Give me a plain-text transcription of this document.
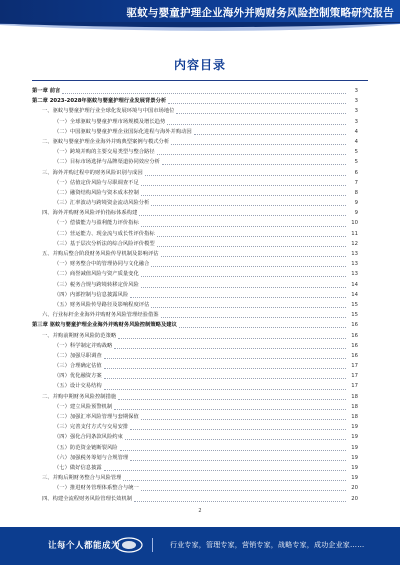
驱蚊与婴童护理企业海外并购财务风险控制策略研究报告
内容目录
第一章 前言	3
第二章 2023-2028年驱蚊与婴童护理行业发展背景分析	3
一、驱蚊与婴童护理行业全球化发展环境与中国市场地位	3
（一）全球驱蚊与婴童护理市场规模及增长趋势	3
（二）中国驱蚊与婴童护理企业国际化进程与海外并购动因	4
二、驱蚊与婴童护理企业海外并购典型案例与模式分析	4
（一）跨境并购的主要交易类型与整合路径	5
（二）目标市场选择与品牌渠道协同效应分析	5
三、海外并购过程中的财务风险识别与成因	6
（一）估值定价风险与尽职调查不足	7
（二）融资结构风险与资本成本控制	8
（三）汇率波动与跨境资金流动风险分析	9
四、海外并购财务风险评价指标体系构建	9
（一）偿债能力与盈利能力评价指标	10
（二）营运能力、现金流与成长性评价指标	11
（三）基于层次分析法的综合风险评价模型	12
五、并购后整合阶段财务风险传导机制及影响评估	13
（一）财务整合中的管理协同与文化融合	13
（二）商誉减值风险与资产质量变化	13
（三）税务合规与跨境转移定价风险	14
（四）内部控制与信息披露风险	14
（五）财务风险传导路径及影响程度评估	15
六、行业标杆企业海外并购财务风险管理经验借鉴	15
第三章 驱蚊与婴童护理企业海外并购财务风险控制策略及建议	16
一、并购前期财务风险防范策略	16
（一）科学制定并购战略	16
（二）加强尽职调查	16
（三）合理确定估值	17
（四）优化融资方案	17
（五）设计交易结构	17
二、并购中期财务风险控制措施	18
（一）建立风险预警机制	18
（二）加强汇率风险管理与套期保值	18
（三）完善支付方式与交易安排	19
（四）强化合同条款风险约束	19
（五）防范资金链断裂风险	19
（六）加强税务筹划与合规管理	19
（七）做好信息披露	19
三、并购后期财务整合与风险管理	19
（一）推进财务管理体系整合与统一	20
四、构建全流程财务风险管理长效机制	20
2
让每个人都能成为	行业专家，管理专家，营销专家，战略专家，成功企业家……
